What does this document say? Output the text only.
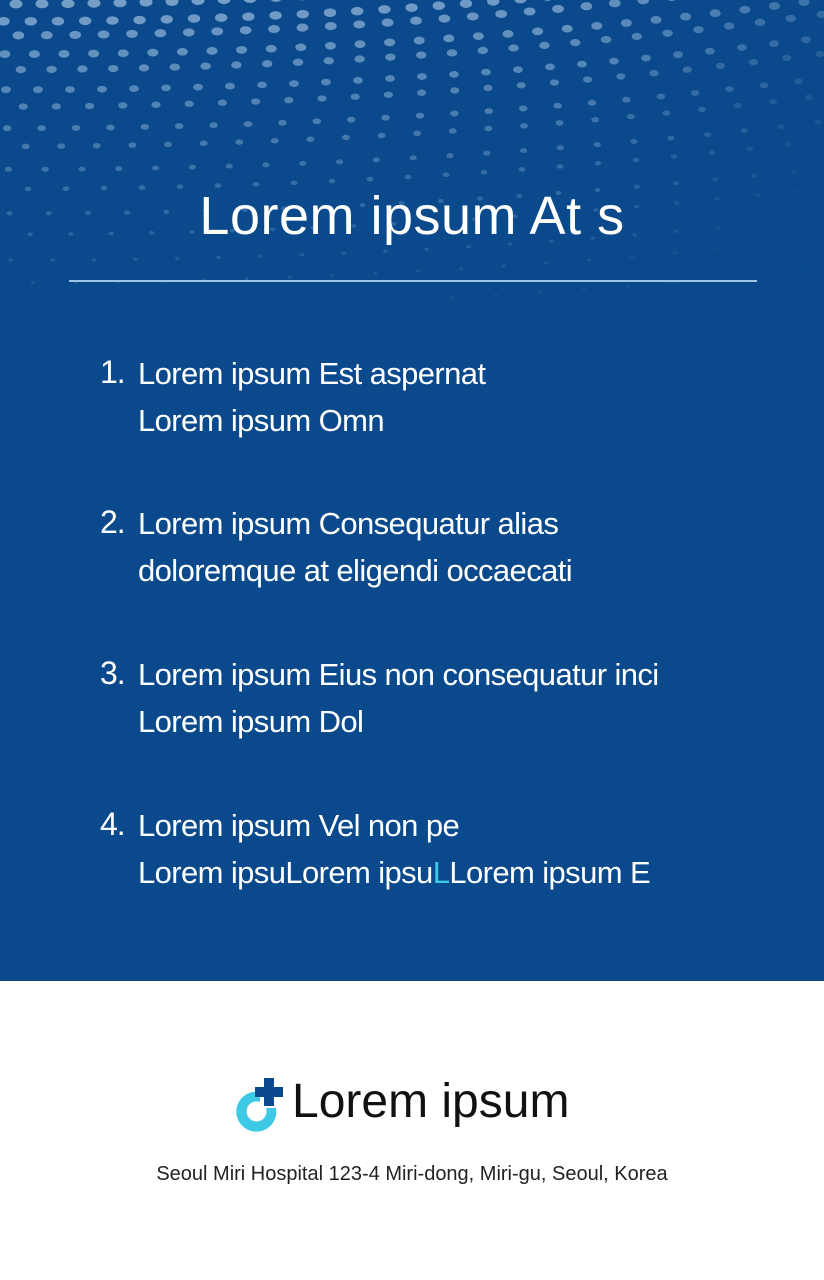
Lorem ipsum At s
1. Lorem ipsum Est aspernat
Lorem ipsum Omn
2. Lorem ipsum Consequatur alias
doloremque at eligendi occaecati
3. Lorem ipsum Eius non consequatur inci
Lorem ipsum Dol
4. Lorem ipsum Vel non pe
Lorem ipsuLorem ipsuLLorem ipsum E
Lorem ipsum
Seoul Miri Hospital 123-4 Miri-dong, Miri-gu, Seoul, Korea
